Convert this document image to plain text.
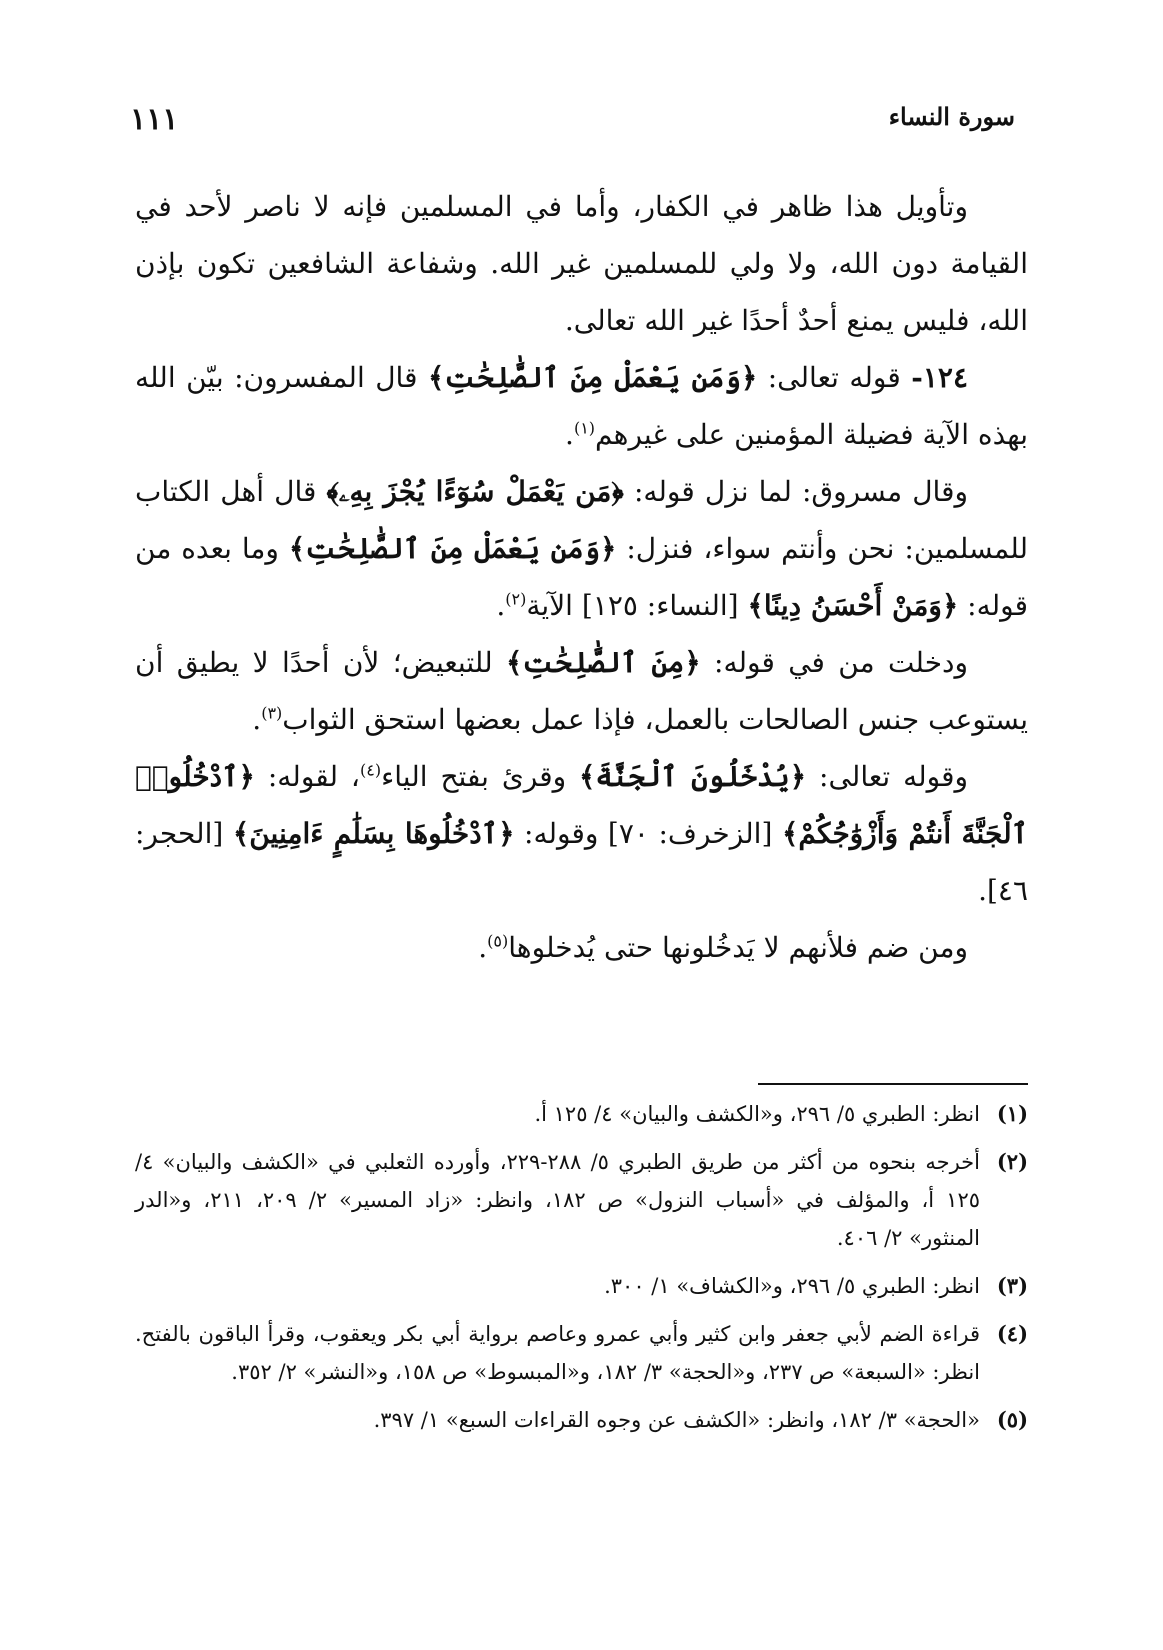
سورة النساء
١١١

وتأويل هذا ظاهر في الكفار، وأما في المسلمين فإنه لا ناصر لأحد في القيامة دون الله، ولا ولي للمسلمين غير الله. وشفاعة الشافعين تكون بإذن الله، فليس يمنع أحدٌ أحدًا غير الله تعالى.

١٢٤- قوله تعالى: ﴿وَمَن يَعْمَلْ مِنَ ٱلصَّٰلِحَٰتِ﴾ قال المفسرون: بيّن الله بهذه الآية فضيلة المؤمنين على غيرهم$^{(١)}$.

وقال مسروق: لما نزل قوله: ﴿مَن يَعْمَلْ سُوٓءًا يُجْزَ بِهِۦ﴾ قال أهل الكتاب للمسلمين: نحن وأنتم سواء، فنزل: ﴿وَمَن يَعْمَلْ مِنَ ٱلصَّٰلِحَٰتِ﴾ وما بعده من قوله: ﴿وَمَنْ أَحْسَنُ دِينًا﴾ [النساء: ١٢٥] الآية$^{(٢)}$.

ودخلت من في قوله: ﴿مِنَ ٱلصَّٰلِحَٰتِ﴾ للتبعيض؛ لأن أحدًا لا يطيق أن يستوعب جنس الصالحات بالعمل، فإذا عمل بعضها استحق الثواب$^{(٣)}$.

وقوله تعالى: ﴿يُدْخَلُونَ ٱلْجَنَّةَ﴾ وقرئ بفتح الياء$^{(٤)}$، لقوله: ﴿ٱدْخُلُوا۟ ٱلْجَنَّةَ أَنتُمْ وَأَزْوَٰجُكُمْ﴾ [الزخرف: ٧٠] وقوله: ﴿ٱدْخُلُوهَا بِسَلَٰمٍ ءَامِنِينَ﴾ [الحجر: ٤٦].

ومن ضم فلأنهم لا يَدخُلونها حتى يُدخلوها$^{(٥)}$.

(١)
انظر: الطبري ٥/ ٢٩٦، و«الكشف والبيان» ٤/ ١٢٥ أ.
(٢)
أخرجه بنحوه من أكثر من طريق الطبري ٥/ ٢٨٨-٢٢٩، وأورده الثعلبي في «الكشف والبيان» ٤/ ١٢٥ أ، والمؤلف في «أسباب النزول» ص ١٨٢، وانظر: «زاد المسير» ٢/ ٢٠٩، ٢١١، و«الدر المنثور» ٢/ ٤٠٦.
(٣)
انظر: الطبري ٥/ ٢٩٦، و«الكشاف» ١/ ٣٠٠.
(٤)
قراءة الضم لأبي جعفر وابن كثير وأبي عمرو وعاصم برواية أبي بكر ويعقوب، وقرأ الباقون بالفتح. انظر: «السبعة» ص ٢٣٧، و«الحجة» ٣/ ١٨٢، و«المبسوط» ص ١٥٨، و«النشر» ٢/ ٣٥٢.
(٥)
«الحجة» ٣/ ١٨٢، وانظر: «الكشف عن وجوه القراءات السبع» ١/ ٣٩٧.
